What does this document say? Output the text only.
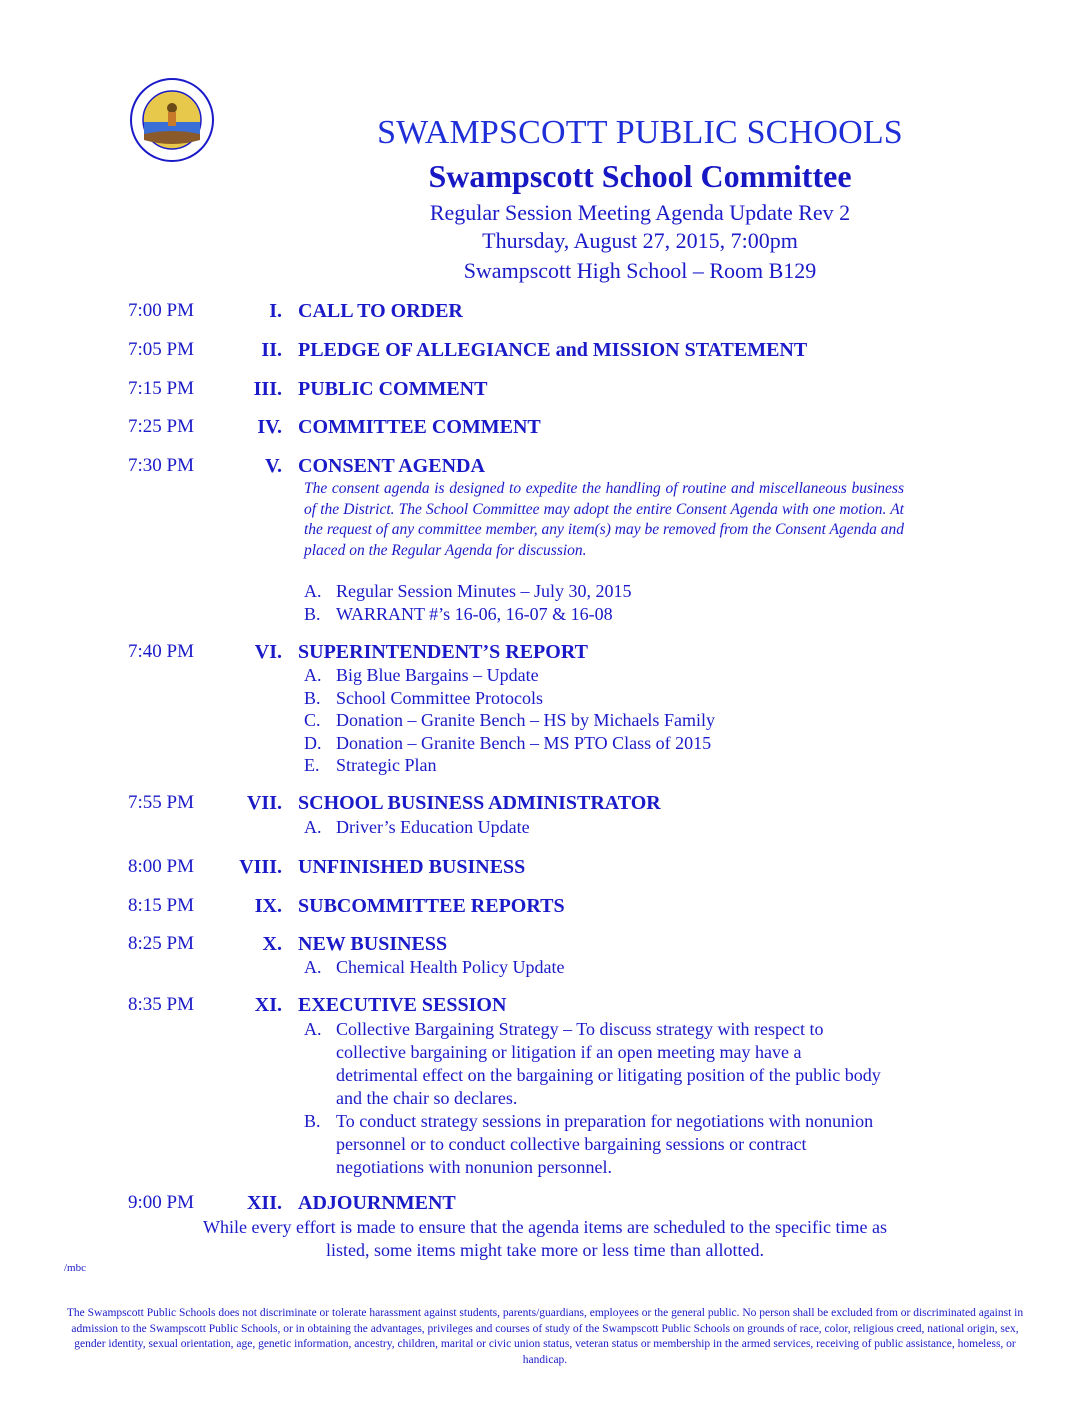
SWAMPSCOTT PUBLIC SCHOOLS
Swampscott School Committee
Regular Session Meeting Agenda Update Rev 2
Thursday, August 27, 2015, 7:00pm
Swampscott High School – Room B129
7:00 PM	I. CALL TO ORDER
7:05 PM	II. PLEDGE OF ALLEGIANCE and MISSION STATEMENT
7:15 PM	III. PUBLIC COMMENT
7:25 PM	IV. COMMITTEE COMMENT
7:30 PM	V. CONSENT AGENDA
The consent agenda is designed to expedite the handling of routine and miscellaneous business of the District. The School Committee may adopt the entire Consent Agenda with one motion. At the request of any committee member, any item(s) may be removed from the Consent Agenda and placed on the Regular Agenda for discussion.
A. Regular Session Minutes – July 30, 2015
B. WARRANT #’s 16-06, 16-07 & 16-08
7:40 PM	VI. SUPERINTENDENT’S REPORT
A. Big Blue Bargains – Update
B. School Committee Protocols
C. Donation – Granite Bench – HS by Michaels Family
D. Donation – Granite Bench – MS PTO Class of 2015
E. Strategic Plan
7:55 PM	VII. SCHOOL BUSINESS ADMINISTRATOR
A. Driver’s Education Update
8:00 PM VIII. UNFINISHED BUSINESS
8:15 PM	IX. SUBCOMMITTEE REPORTS
8:25 PM	X. NEW BUSINESS
A. Chemical Health Policy Update
8:35 PM	XI. EXECUTIVE SESSION
A. Collective Bargaining Strategy – To discuss strategy with respect to collective bargaining or litigation if an open meeting may have a detrimental effect on the bargaining or litigating position of the public body and the chair so declares.
B. To conduct strategy sessions in preparation for negotiations with nonunion personnel or to conduct collective bargaining sessions or contract negotiations with nonunion personnel.
9:00 PM	XII. ADJOURNMENT
While every effort is made to ensure that the agenda items are scheduled to the specific time as listed, some items might take more or less time than allotted.
/mbc
The Swampscott Public Schools does not discriminate or tolerate harassment against students, parents/guardians, employees or the general public. No person shall be excluded from or discriminated against in admission to the Swampscott Public Schools, or in obtaining the advantages, privileges and courses of study of the Swampscott Public Schools on grounds of race, color, religious creed, national origin, sex, gender identity, sexual orientation, age, genetic information, ancestry, children, marital or civic union status, veteran status or membership in the armed services, receiving of public assistance, homeless, or handicap.
